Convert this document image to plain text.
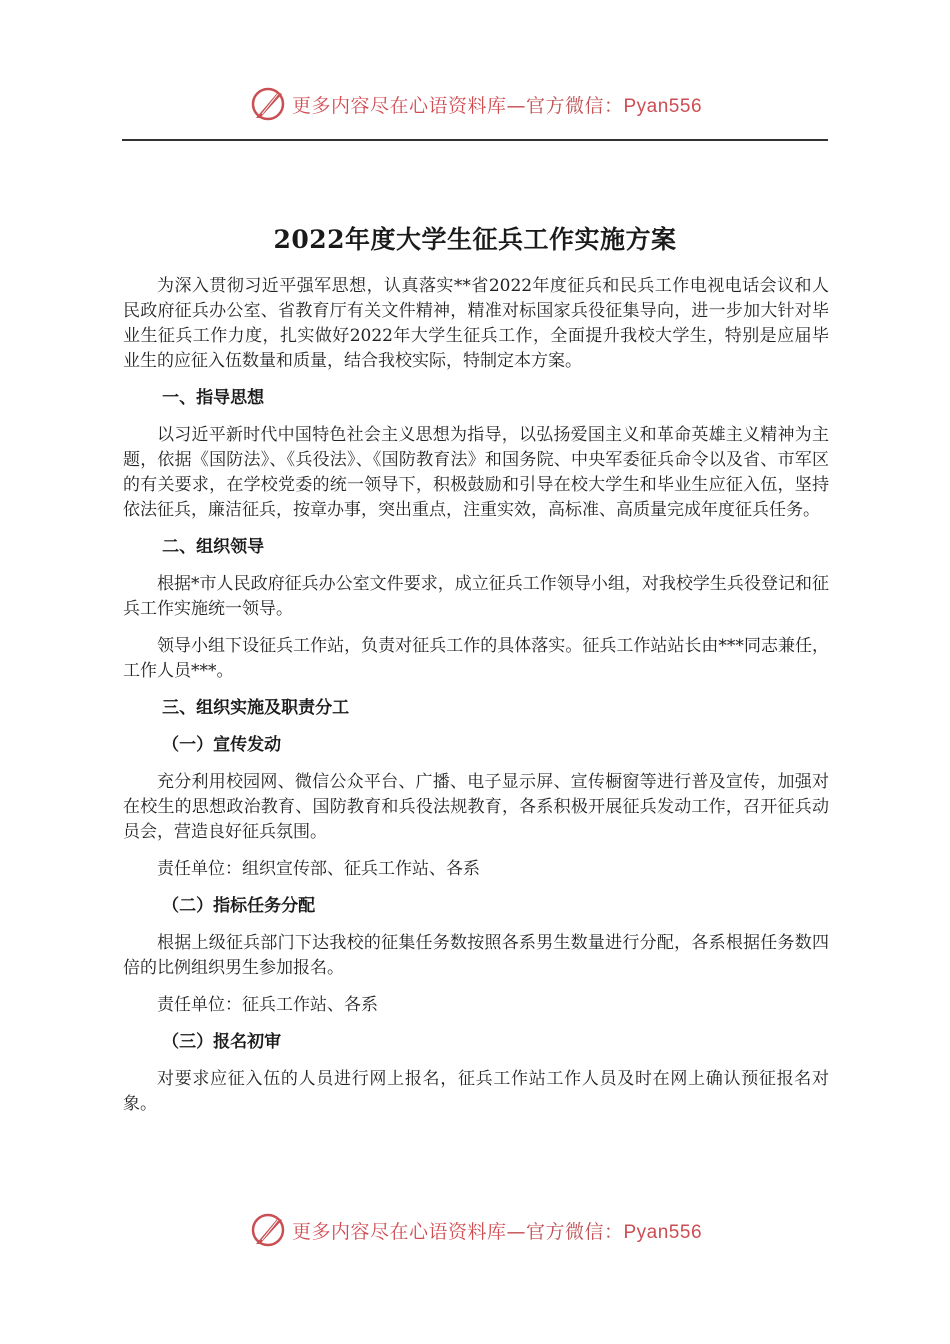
更多内容尽在心语资料库—官方微信：Pyan556
2022年度大学生征兵工作实施方案

为深入贯彻习近平强军思想，认真落实**省2022年度征兵和民兵工作电视电话会议和人民政府征兵办公室、省教育厅有关文件精神，精准对标国家兵役征集导向，进一步加大针对毕业生征兵工作力度，扎实做好2022年大学生征兵工作，全面提升我校大学生，特别是应届毕业生的应征入伍数量和质量，结合我校实际，特制定本方案。

一、指导思想

以习近平新时代中国特色社会主义思想为指导，以弘扬爱国主义和革命英雄主义精神为主题，依据《国防法》、《兵役法》、《国防教育法》和国务院、中央军委征兵命令以及省、市军区的有关要求，在学校党委的统一领导下，积极鼓励和引导在校大学生和毕业生应征入伍，坚持依法征兵，廉洁征兵，按章办事，突出重点，注重实效，高标准、高质量完成年度征兵任务。

二、组织领导

根据*市人民政府征兵办公室文件要求，成立征兵工作领导小组，对我校学生兵役登记和征兵工作实施统一领导。

领导小组下设征兵工作站，负责对征兵工作的具体落实。征兵工作站站长由***同志兼任，工作人员***。

三、组织实施及职责分工

（一）宣传发动

充分利用校园网、微信公众平台、广播、电子显示屏、宣传橱窗等进行普及宣传，加强对在校生的思想政治教育、国防教育和兵役法规教育，各系积极开展征兵发动工作，召开征兵动员会，营造良好征兵氛围。

责任单位：组织宣传部、征兵工作站、各系

（二）指标任务分配

根据上级征兵部门下达我校的征集任务数按照各系男生数量进行分配，各系根据任务数四倍的比例组织男生参加报名。

责任单位：征兵工作站、各系

（三）报名初审

对要求应征入伍的人员进行网上报名，征兵工作站工作人员及时在网上确认预征报名对象。

更多内容尽在心语资料库—官方微信：Pyan556
